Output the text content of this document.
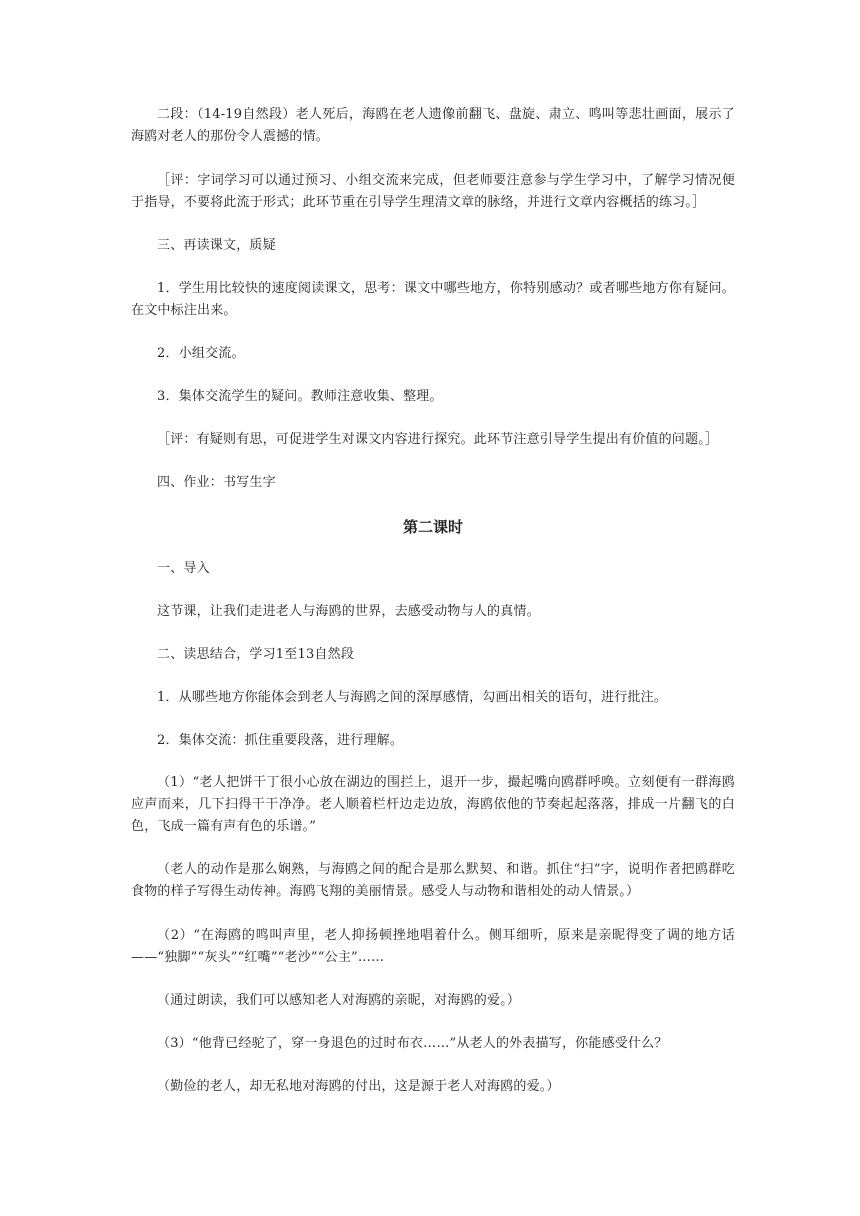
二段：（14-19自然段）老人死后，海鸥在老人遗像前翻飞、盘旋、肃立、鸣叫等悲壮画面，展示了海鸥对老人的那份令人震撼的情。

［评：字词学习可以通过预习、小组交流来完成，但老师要注意参与学生学习中，了解学习情况便于指导，不要将此流于形式；此环节重在引导学生理清文章的脉络，并进行文章内容概括的练习。］

三、再读课文，质疑

1．学生用比较快的速度阅读课文，思考：课文中哪些地方，你特别感动？或者哪些地方你有疑问。在文中标注出来。

2．小组交流。

3．集体交流学生的疑问。教师注意收集、整理。

［评：有疑则有思，可促进学生对课文内容进行探究。此环节注意引导学生提出有价值的问题。］

四、作业：书写生字

第二课时

一、导入

这节课，让我们走进老人与海鸥的世界，去感受动物与人的真情。

二、读思结合，学习1至13自然段

1．从哪些地方你能体会到老人与海鸥之间的深厚感情，勾画出相关的语句，进行批注。

2．集体交流：抓住重要段落，进行理解。

（1）“老人把饼干丁很小心放在湖边的围拦上，退开一步，撮起嘴向鸥群呼唤。立刻便有一群海鸥应声而来，几下扫得干干净净。老人顺着栏杆边走边放，海鸥依他的节奏起起落落，排成一片翻飞的白色，飞成一篇有声有色的乐谱。”

（老人的动作是那么娴熟，与海鸥之间的配合是那么默契、和谐。抓住“扫”字，说明作者把鸥群吃食物的样子写得生动传神。海鸥飞翔的美丽情景。感受人与动物和谐相处的动人情景。）

（2）“在海鸥的鸣叫声里，老人抑扬顿挫地唱着什么。侧耳细听，原来是亲昵得变了调的地方话——“独脚”“灰头”“红嘴”“老沙”“公主”……

（通过朗读，我们可以感知老人对海鸥的亲昵，对海鸥的爱。）

（3）“他背已经驼了，穿一身退色的过时布衣……”从老人的外表描写，你能感受什么？

（勤俭的老人，却无私地对海鸥的付出，这是源于老人对海鸥的爱。）
